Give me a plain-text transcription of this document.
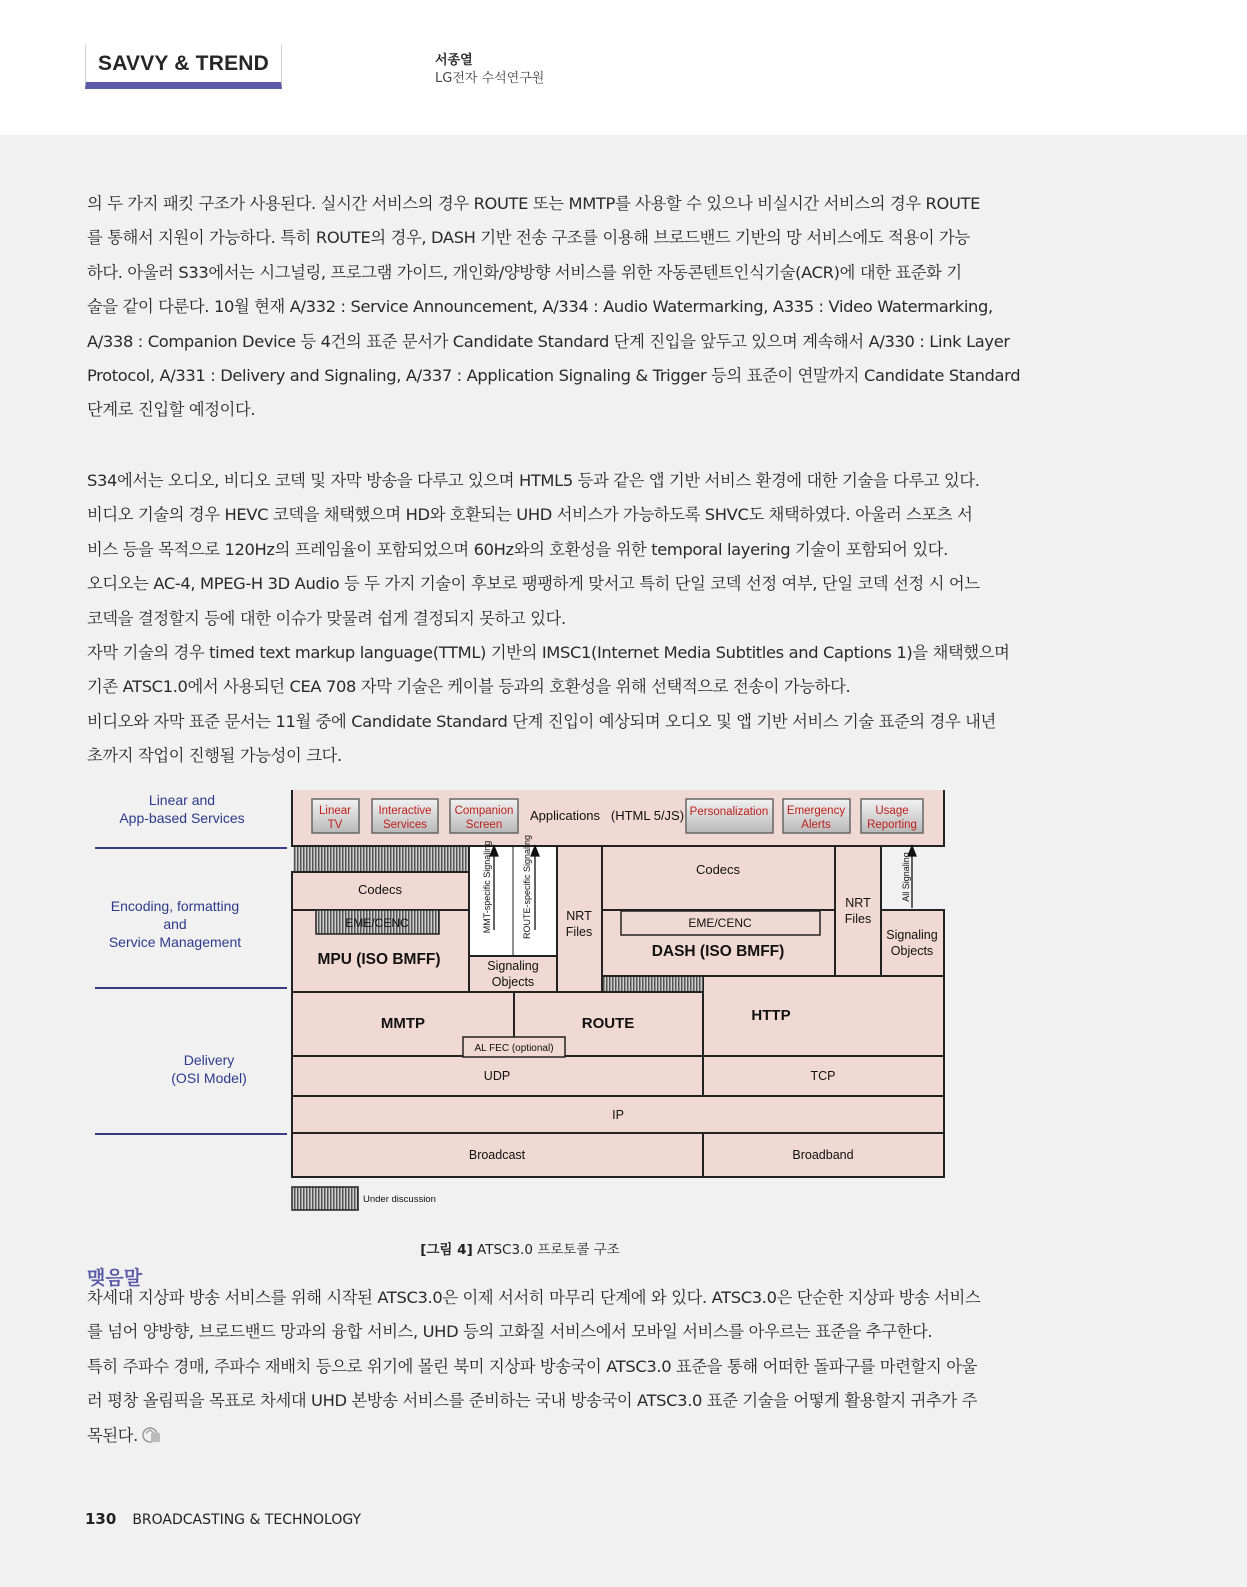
SAVVY & TREND	서종열
LG전자 수석연구원

의 두 가지 패킷 구조가 사용된다. 실시간 서비스의 경우 ROUTE 또는 MMTP를 사용할 수 있으나 비실시간 서비스의 경우 ROUTE
를 통해서 지원이 가능하다. 특히 ROUTE의 경우, DASH 기반 전송 구조를 이용해 브로드밴드 기반의 망 서비스에도 적용이 가능
하다. 아울러 S33에서는 시그널링, 프로그램 가이드, 개인화/양방향 서비스를 위한 자동콘텐트인식기술(ACR)에 대한 표준화 기
술을 같이 다룬다. 10월 현재 A/332 : Service Announcement, A/334 : Audio Watermarking, A335 : Video Watermarking,
A/338 : Companion Device 등 4건의 표준 문서가 Candidate Standard 단계 진입을 앞두고 있으며 계속해서 A/330 : Link Layer
Protocol, A/331 : Delivery and Signaling, A/337 : Application Signaling & Trigger 등의 표준이 연말까지 Candidate Standard
단계로 진입할 예정이다.

S34에서는 오디오, 비디오 코덱 및 자막 방송을 다루고 있으며 HTML5 등과 같은 앱 기반 서비스 환경에 대한 기술을 다루고 있다.
비디오 기술의 경우 HEVC 코덱을 채택했으며 HD와 호환되는 UHD 서비스가 가능하도록 SHVC도 채택하였다. 아울러 스포츠 서
비스 등을 목적으로 120Hz의 프레임율이 포함되었으며 60Hz와의 호환성을 위한 temporal layering 기술이 포함되어 있다.
오디오는 AC-4, MPEG-H 3D Audio 등 두 가지 기술이 후보로 팽팽하게 맞서고 특히 단일 코덱 선정 여부, 단일 코덱 선정 시 어느
코덱을 결정할지 등에 대한 이슈가 맞물려 쉽게 결정되지 못하고 있다.
자막 기술의 경우 timed text markup language(TTML) 기반의 IMSC1(Internet Media Subtitles and Captions 1)을 채택했으며
기존 ATSC1.0에서 사용되던 CEA 708 자막 기술은 케이블 등과의 호환성을 위해 선택적으로 전송이 가능하다.
비디오와 자막 표준 문서는 11월 중에 Candidate Standard 단계 진입이 예상되며 오디오 및 앱 기반 서비스 기술 표준의 경우 내년
초까지 작업이 진행될 가능성이 크다.

Linear and
App-based Services
Encoding, formatting
and
Service Management
Delivery
(OSI Model)
Linear
TV
Interactive
Services
Companion
Screen
Personalization Emergency
Alerts
Usage
Reporting
Applications   (HTML 5/JS)
MMT-specific Signaling	ROUTE-specific Signaling	All Signaling
Codecs
Codecs
EME/CENC	EME/CENC
MPU (ISO BMFF)	DASH (ISO BMFF)
Signaling
Objects
Signaling
Objects
NRT
Files
NRT
Files
MMTP	ROUTE	HTTP
AL FEC (optional)
UDP	TCP
IP
Broadcast	Broadband
Under discussion
[그림 4] ATSC3.0 프로토콜 구조
맺음말

차세대 지상파 방송 서비스를 위해 시작된 ATSC3.0은 이제 서서히 마무리 단계에 와 있다. ATSC3.0은 단순한 지상파 방송 서비스
를 넘어 양방향, 브로드밴드 망과의 융합 서비스, UHD 등의 고화질 서비스에서 모바일 서비스를 아우르는 표준을 추구한다.
특히 주파수 경매, 주파수 재배치 등으로 위기에 몰린 북미 지상파 방송국이 ATSC3.0 표준을 통해 어떠한 돌파구를 마련할지 아울
러 평창 올림픽을 목표로 차세대 UHD 본방송 서비스를 준비하는 국내 방송국이 ATSC3.0 표준 기술을 어떻게 활용할지 귀추가 주
목된다.

130 BROADCASTING & TECHNOLOGY
